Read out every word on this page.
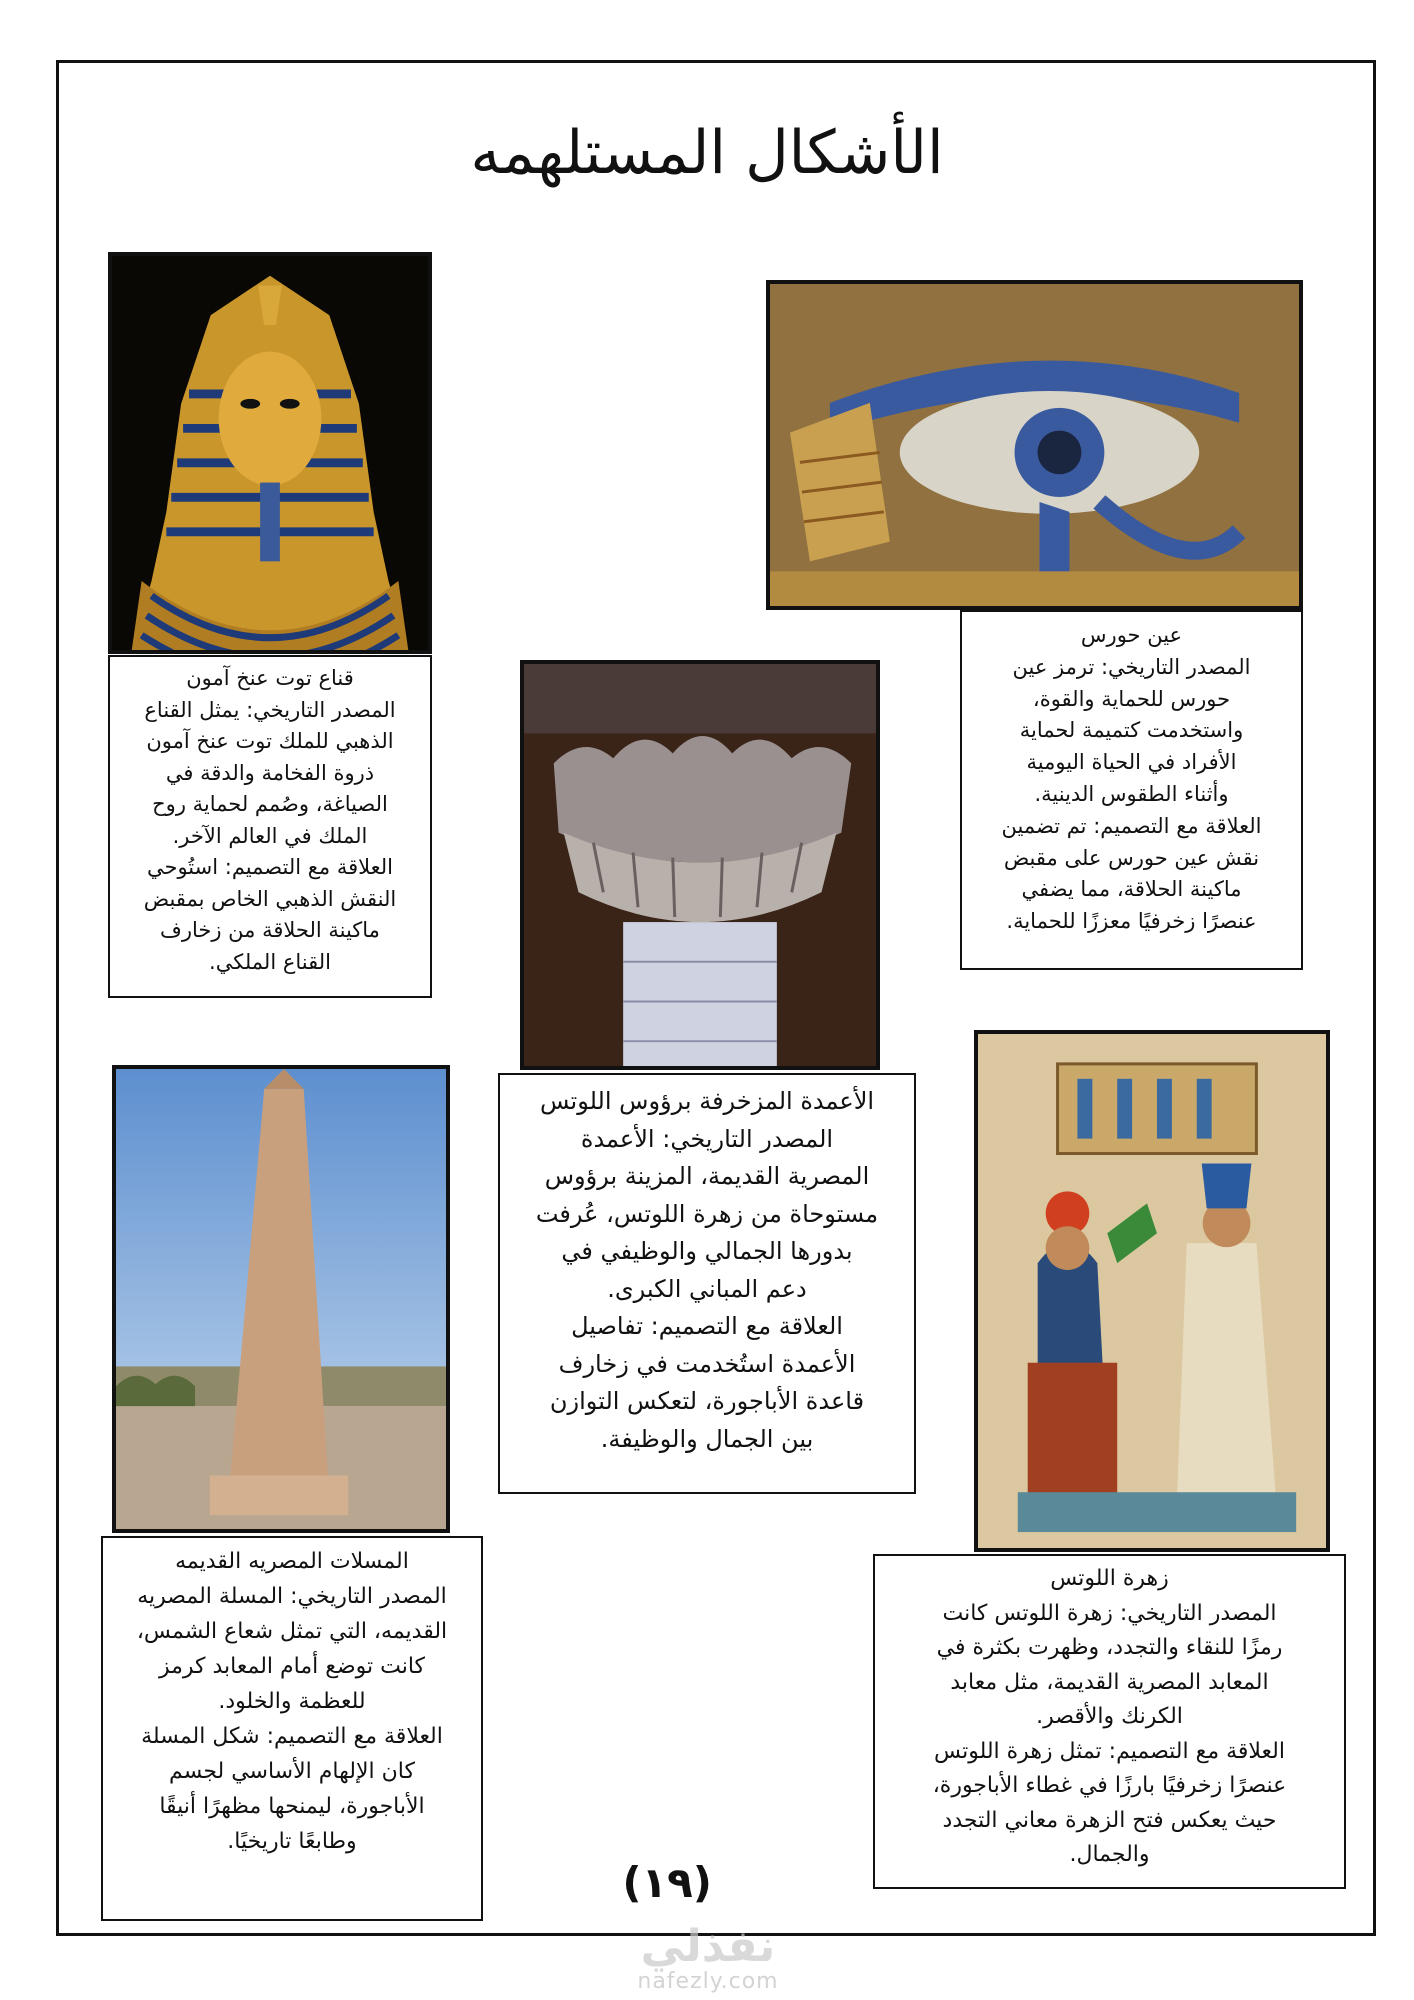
الأشكال المستلهمه
قناع توت عنخ آمون
المصدر التاريخي: يمثل القناع
الذهبي للملك توت عنخ آمون
ذروة الفخامة والدقة في
الصياغة، وصُمم لحماية روح
الملك في العالم الآخر.
العلاقة مع التصميم: استُوحي
النقش الذهبي الخاص بمقبض
ماكينة الحلاقة من زخارف
القناع الملكي.
عين حورس
المصدر التاريخي: ترمز عين
حورس للحماية والقوة،
واستخدمت كتميمة لحماية
الأفراد في الحياة اليومية
وأثناء الطقوس الدينية.
العلاقة مع التصميم: تم تضمين
نقش عين حورس على مقبض
ماكينة الحلاقة، مما يضفي
عنصرًا زخرفيًا معززًا للحماية.
الأعمدة المزخرفة برؤوس اللوتس
المصدر التاريخي: الأعمدة
المصرية القديمة، المزينة برؤوس
مستوحاة من زهرة اللوتس، عُرفت
بدورها الجمالي والوظيفي في
دعم المباني الكبرى.
العلاقة مع التصميم: تفاصيل
الأعمدة استُخدمت في زخارف
قاعدة الأباجورة، لتعكس التوازن
بين الجمال والوظيفة.
المسلات المصريه القديمه
المصدر التاريخي: المسلة المصريه
القديمه، التي تمثل شعاع الشمس،
كانت توضع أمام المعابد كرمز
للعظمة والخلود.
العلاقة مع التصميم: شكل المسلة
كان الإلهام الأساسي لجسم
الأباجورة، ليمنحها مظهرًا أنيقًا
وطابعًا تاريخيًا.
زهرة اللوتس
المصدر التاريخي: زهرة اللوتس كانت
رمزًا للنقاء والتجدد، وظهرت بكثرة في
المعابد المصرية القديمة، مثل معابد
الكرنك والأقصر.
العلاقة مع التصميم: تمثل زهرة اللوتس
عنصرًا زخرفيًا بارزًا في غطاء الأباجورة،
حيث يعكس فتح الزهرة معاني التجدد
والجمال.
(١٩)
نفذلي
nafezly.com
